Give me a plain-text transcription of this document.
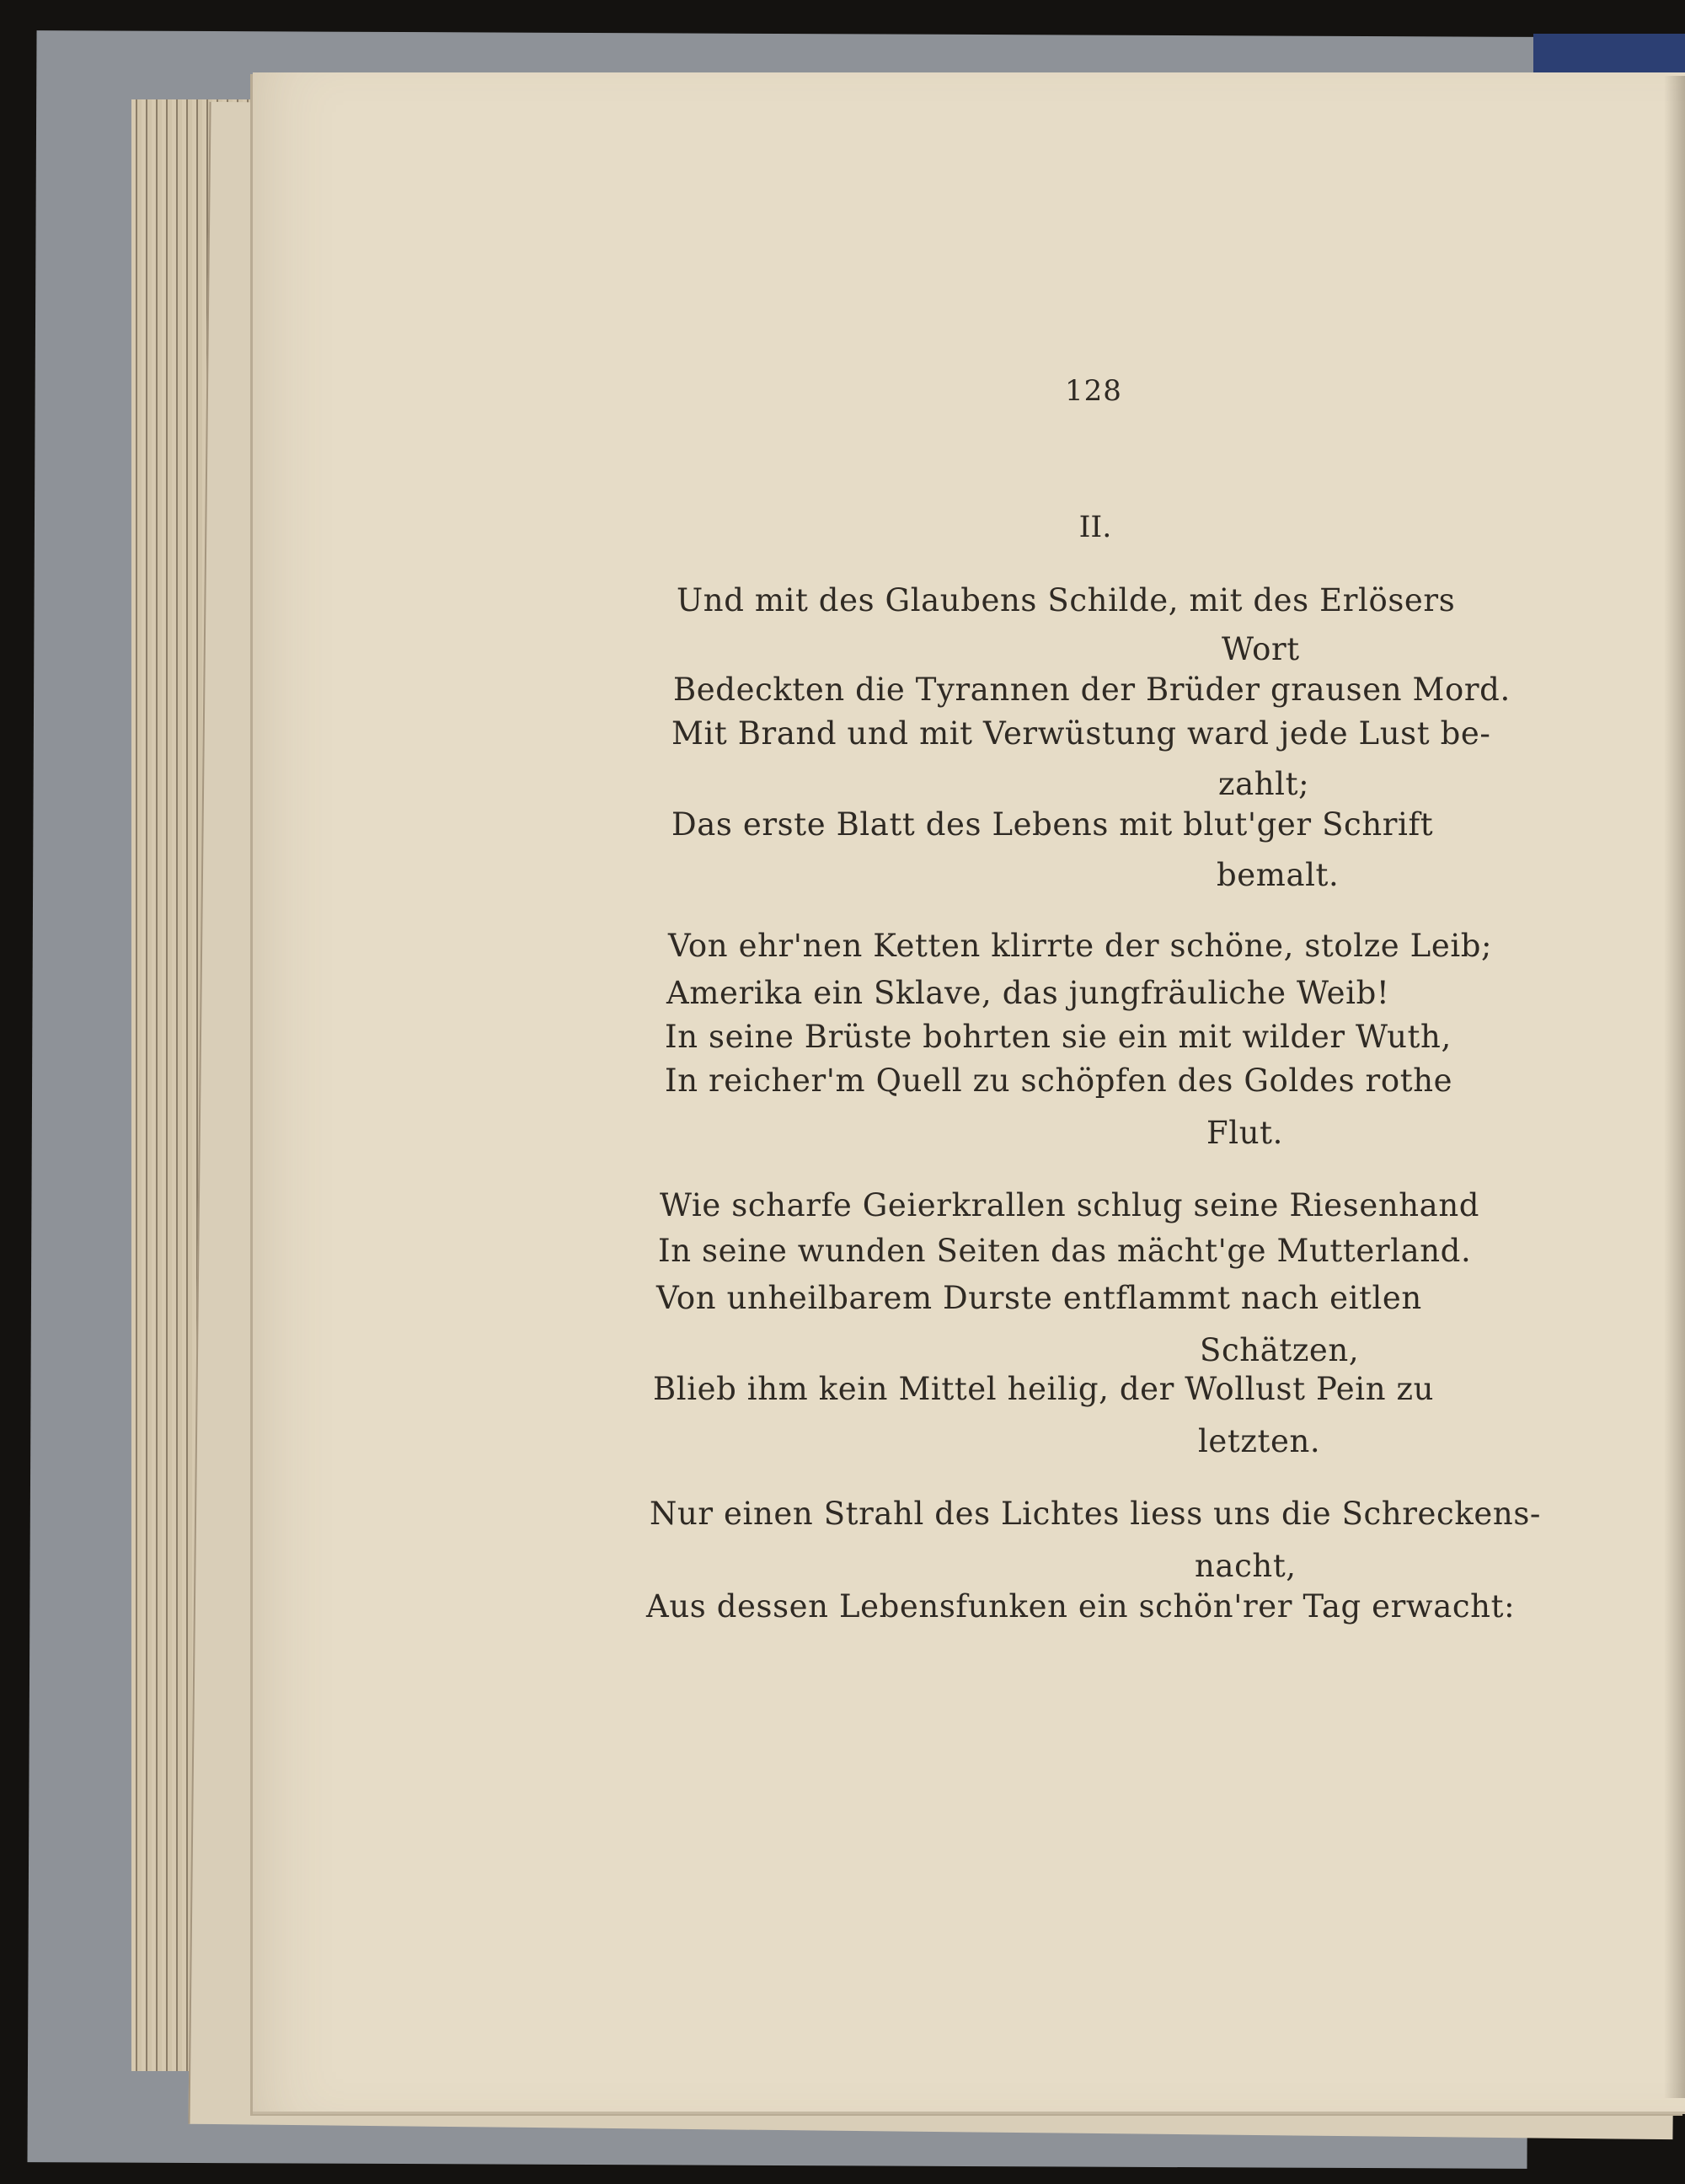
128
II.
Und mit des Glaubens Schilde, mit des Erlösers
Wort
Bedeckten die Tyrannen der Brüder grausen Mord.
Mit Brand und mit Verwüstung ward jede Lust be-
zahlt;
Das erste Blatt des Lebens mit blut'ger Schrift
bemalt.
Von ehr'nen Ketten klirrte der schöne, stolze Leib;
Amerika ein Sklave, das jungfräuliche Weib!
In seine Brüste bohrten sie ein mit wilder Wuth,
In reicher'm Quell zu schöpfen des Goldes rothe
Flut.
Wie scharfe Geierkrallen schlug seine Riesenhand
In seine wunden Seiten das mächt'ge Mutterland.
Von unheilbarem Durste entflammt nach eitlen
Schätzen,
Blieb ihm kein Mittel heilig, der Wollust Pein zu
letzten.
Nur einen Strahl des Lichtes liess uns die Schreckens-
nacht,
Aus dessen Lebensfunken ein schön'rer Tag erwacht:
